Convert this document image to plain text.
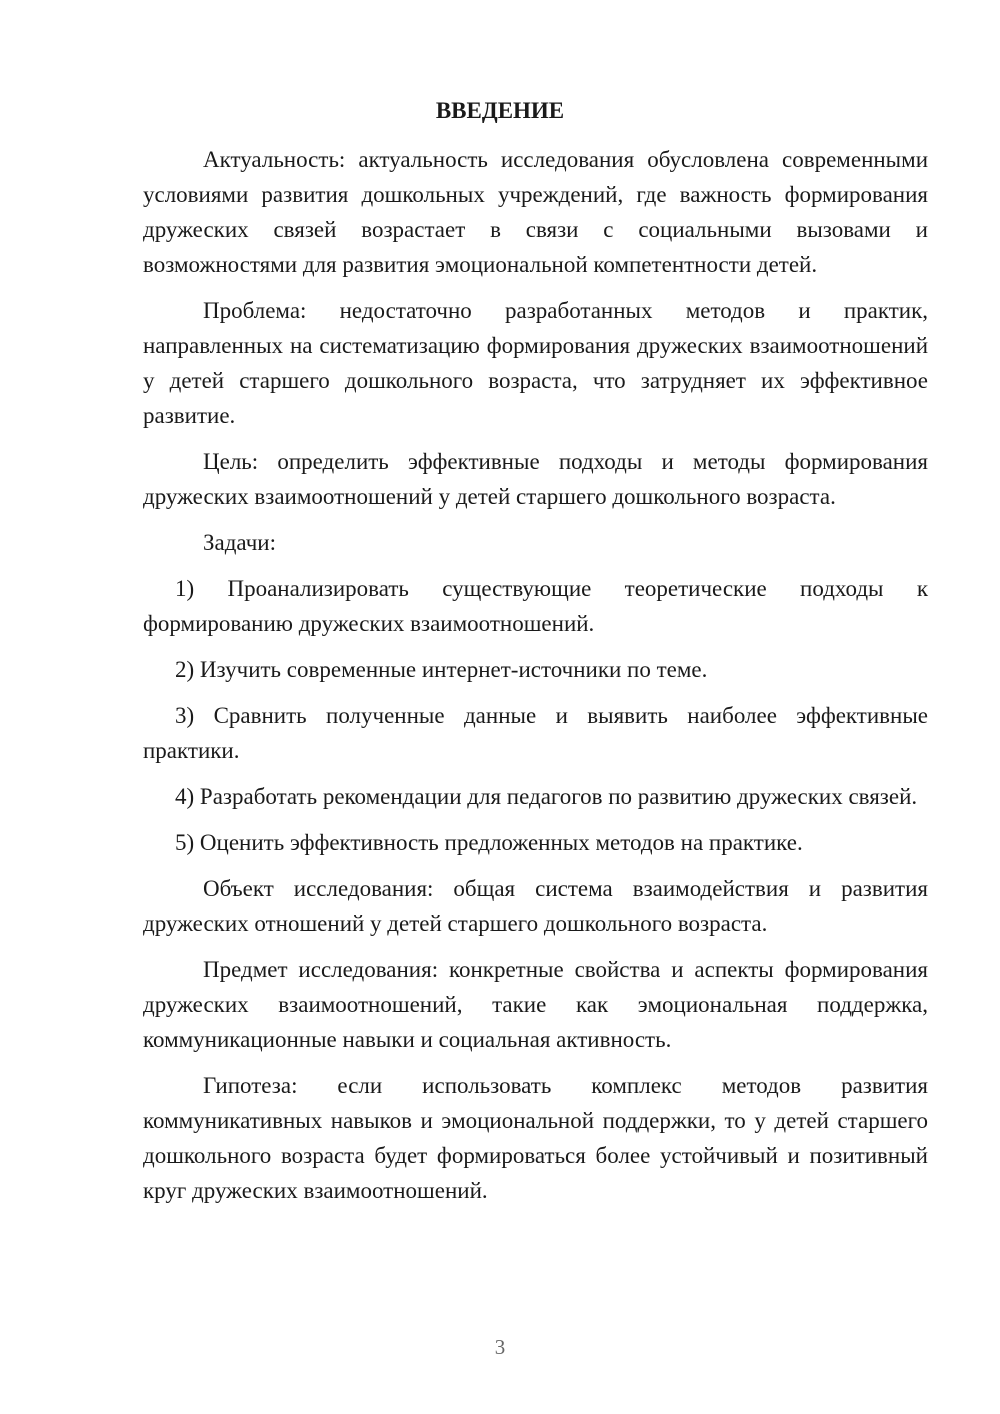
ВВЕДЕНИЕ

Актуальность: актуальность исследования обусловлена современными условиями развития дошкольных учреждений, где важность формирования дружеских связей возрастает в связи с социальными вызовами и возможностями для развития эмоциональной компетентности детей.

Проблема: недостаточно разработанных методов и практик, направленных на систематизацию формирования дружеских взаимоотношений у детей старшего дошкольного возраста, что затрудняет их эффективное развитие.

Цель: определить эффективные подходы и методы формирования дружеских взаимоотношений у детей старшего дошкольного возраста.

Задачи:

1) Проанализировать существующие теоретические подходы к формированию дружеских взаимоотношений.

2) Изучить современные интернет-источники по теме.

3) Сравнить полученные данные и выявить наиболее эффективные практики.

4) Разработать рекомендации для педагогов по развитию дружеских связей.

5) Оценить эффективность предложенных методов на практике.

Объект исследования: общая система взаимодействия и развития дружеских отношений у детей старшего дошкольного возраста.

Предмет исследования: конкретные свойства и аспекты формирования дружеских взаимоотношений, такие как эмоциональная поддержка, коммуникационные навыки и социальная активность.

Гипотеза: если использовать комплекс методов развития коммуникативных навыков и эмоциональной поддержки, то у детей старшего дошкольного возраста будет формироваться более устойчивый и позитивный круг дружеских взаимоотношений.

3
